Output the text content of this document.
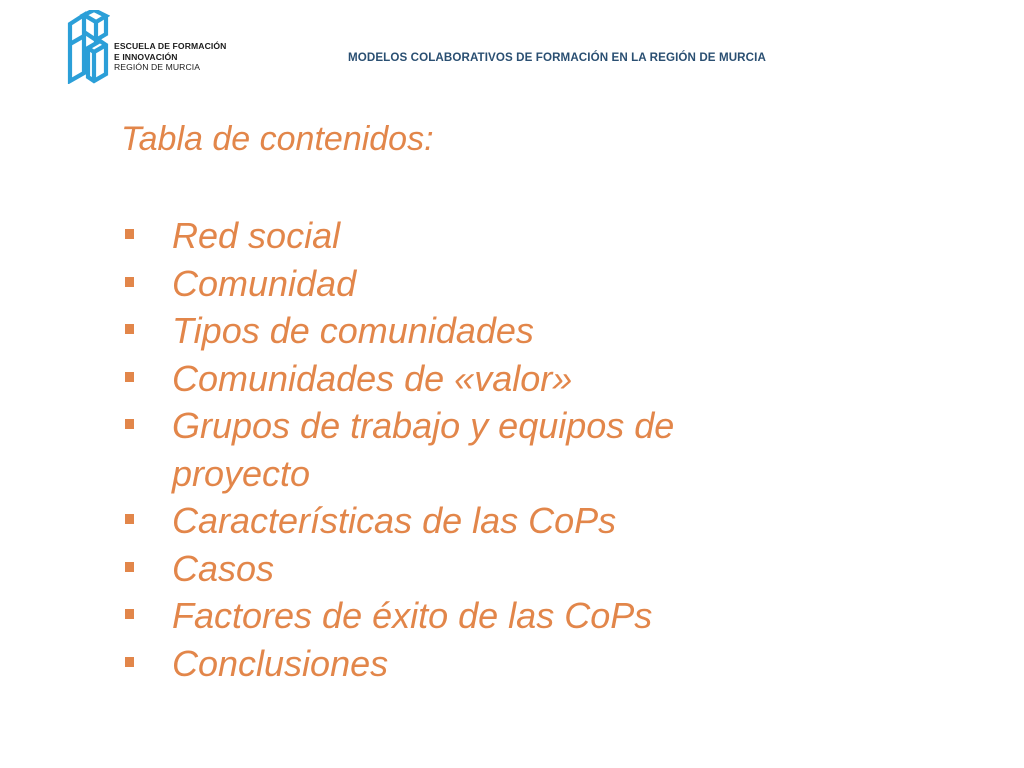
ESCUELA DE FORMACIÓN
E INNOVACIÓN
REGIÓN DE MURCIA
MODELOS COLABORATIVOS DE FORMACIÓN EN LA REGIÓN DE MURCIA
Tabla de contenidos:
Red social
Comunidad
Tipos de comunidades
Comunidades de «valor»
Grupos de trabajo y equipos de proyecto
Características de las CoPs
Casos
Factores de éxito de las CoPs
Conclusiones
